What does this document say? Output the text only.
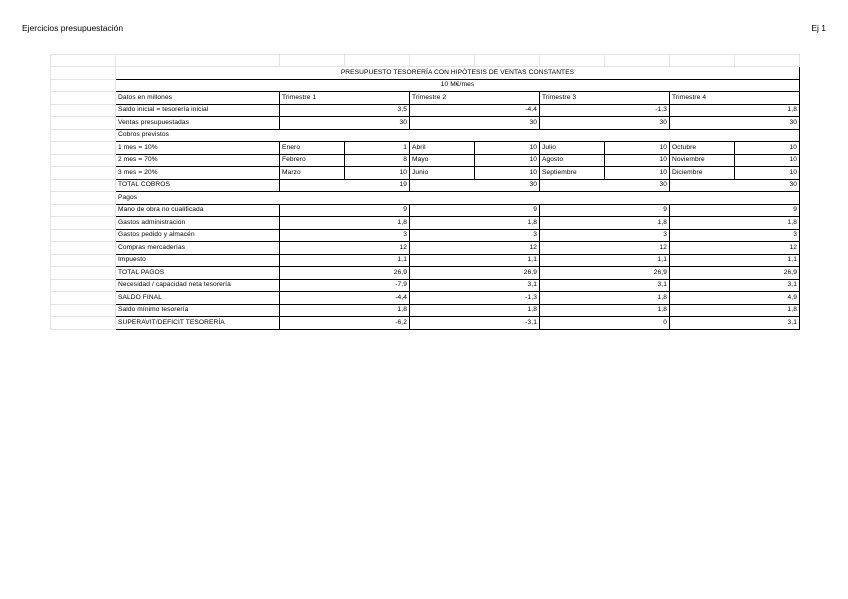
Ejercicios presupuestación	Ej 1

	PRESUPUESTO TESORERÍA CON HIPÓTESIS DE VENTAS CONSTANTES								
	10 M€/mes								
	Datos en millones	Trimestre 1		Trimestre 2		Trimestre 3		Trimestre 4	
	Saldo inicial = tesorería inicial	3,5		-4,4		-1,3		1,8	
	Ventas presupuestadas	30		30		30		30	
	Cobros previstos								
	1 mes = 10%	Enero	1	Abril	10	Julio	10	Octubre	10
	2 mes = 70%	Febrero	8	Mayo	10	Agosto	10	Noviembre	10
	3 mes = 20%	Marzo	10	Junio	10	Septiembre	10	Diciembre	10
	TOTAL COBROS	19		30		30		30	
	Pagos								
	Mano de obra no cualificada	9		9		9		9	
	Gastos administración	1,8		1,8		1,8		1,8	
	Gastos pedido y almacén	3		3		3		3	
	Compras mercaderías	12		12		12		12	
	Impuesto	1,1		1,1		1,1		1,1	
	TOTAL PAGOS	26,9		26,9		26,9		26,9	
	Necesidad / capacidad neta tesorería	-7,9		3,1		3,1		3,1	
	SALDO FINAL	-4,4		-1,3		1,8		4,9	
	Saldo mínimo tesorería	1,8		1,8		1,8		1,8	
	SUPERAVIT/DEFICIT TESORERÍA	-6,2		-3,1		0		3,1	
